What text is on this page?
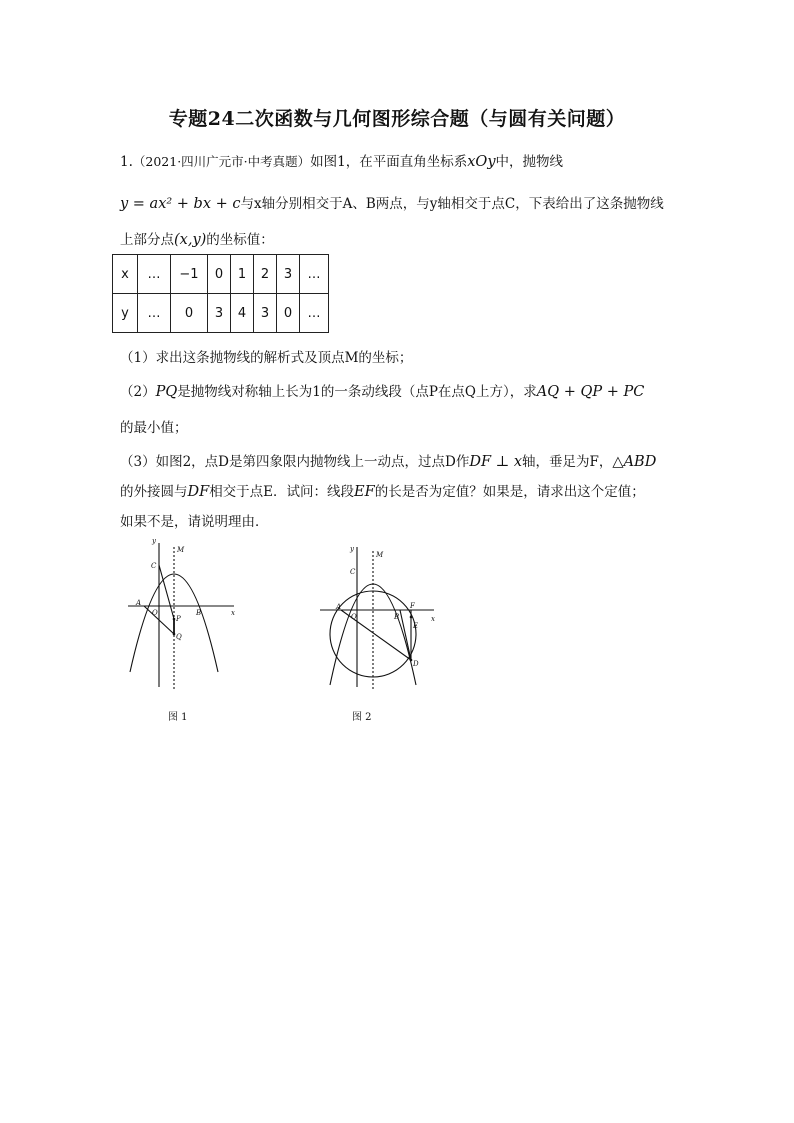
专题24二次函数与几何图形综合题（与圆有关问题）
1.（2021·四川广元市·中考真题）如图1，在平面直角坐标系xOy中，抛物线
y = ax² + bx + c与x轴分别相交于A、B两点，与y轴相交于点C，下表给出了这条抛物线
上部分点(x,y)的坐标值：
x	…	−1	0	1	2	3	…
y	…	0	3	4	3	0	…
（1）求出这条抛物线的解析式及顶点M的坐标；
（2）PQ是抛物线对称轴上长为1的一条动线段（点P在点Q上方），求AQ + QP + PC
的最小值；
（3）如图2，点D是第四象限内抛物线上一动点，过点D作DF ⊥ x轴，垂足为F，△ABD
的外接圆与DF相交于点E．试问：线段EF的长是否为定值？如果是，请求出这个定值；
如果不是，请说明理由．
y
M
C
A
O	B	x
P
Q
图 1
y
M
C
A
O	B
F
x
E
D
图 2
